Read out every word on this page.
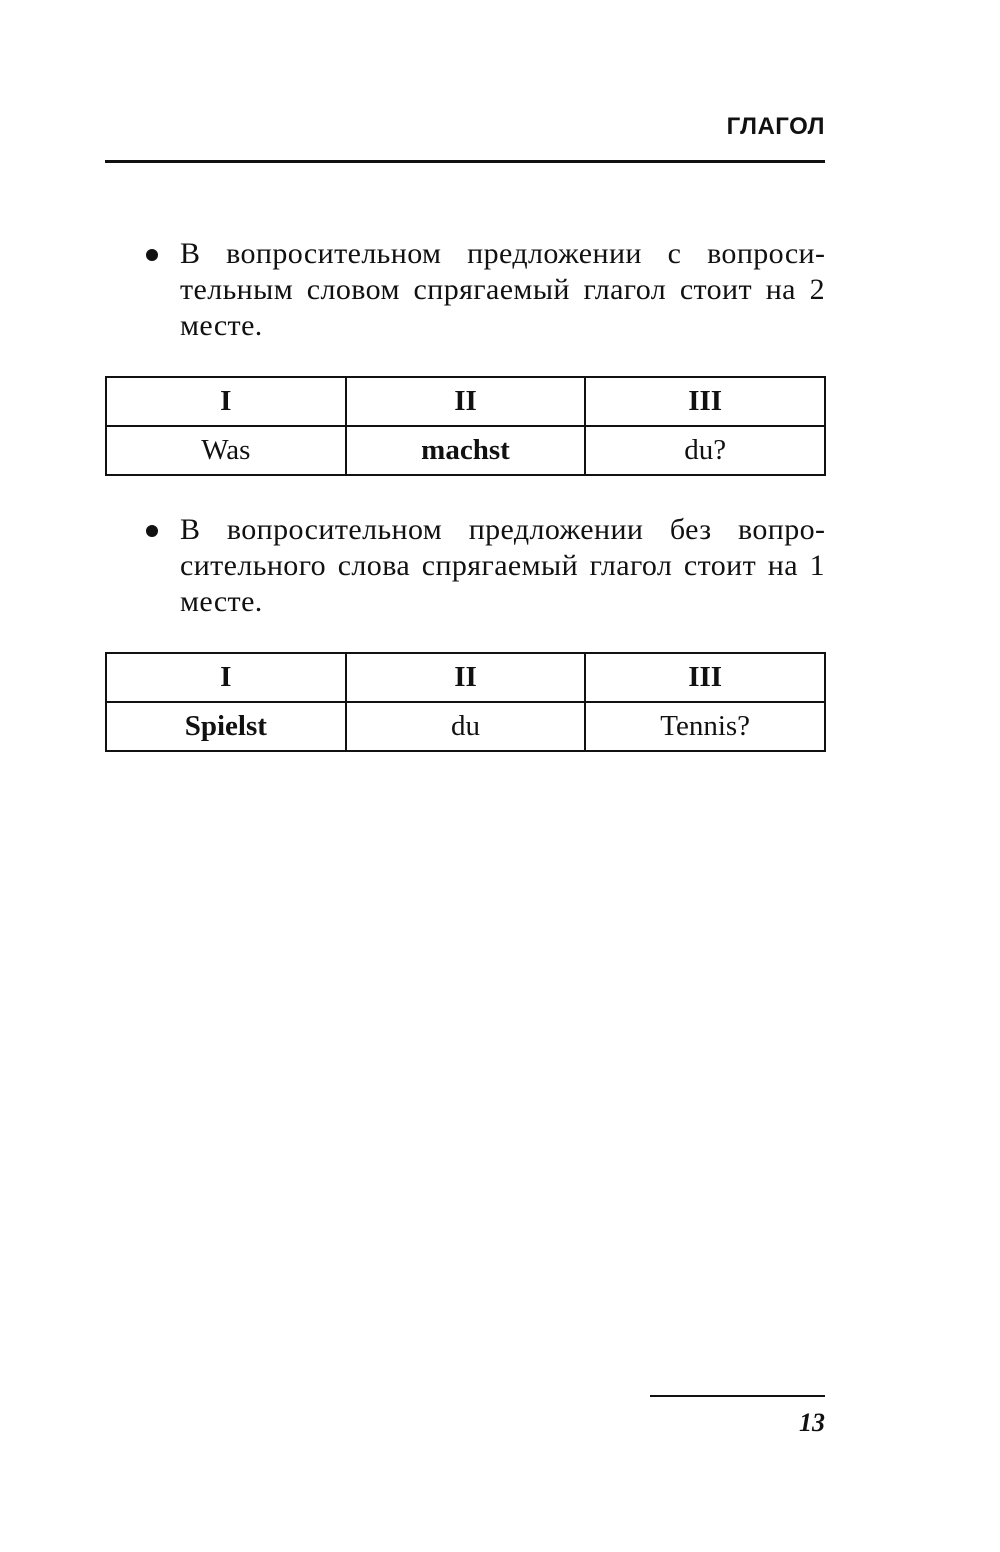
ГЛАГОЛ
В вопросительном предложении с вопросительным словом спрягаемый глагол стоит на 2 месте.
I	II	III
Was	machst	du?
В вопросительном предложении без вопросительного слова спрягаемый глагол стоит на 1 месте.
I	II	III
Spielst	du	Tennis?
13
